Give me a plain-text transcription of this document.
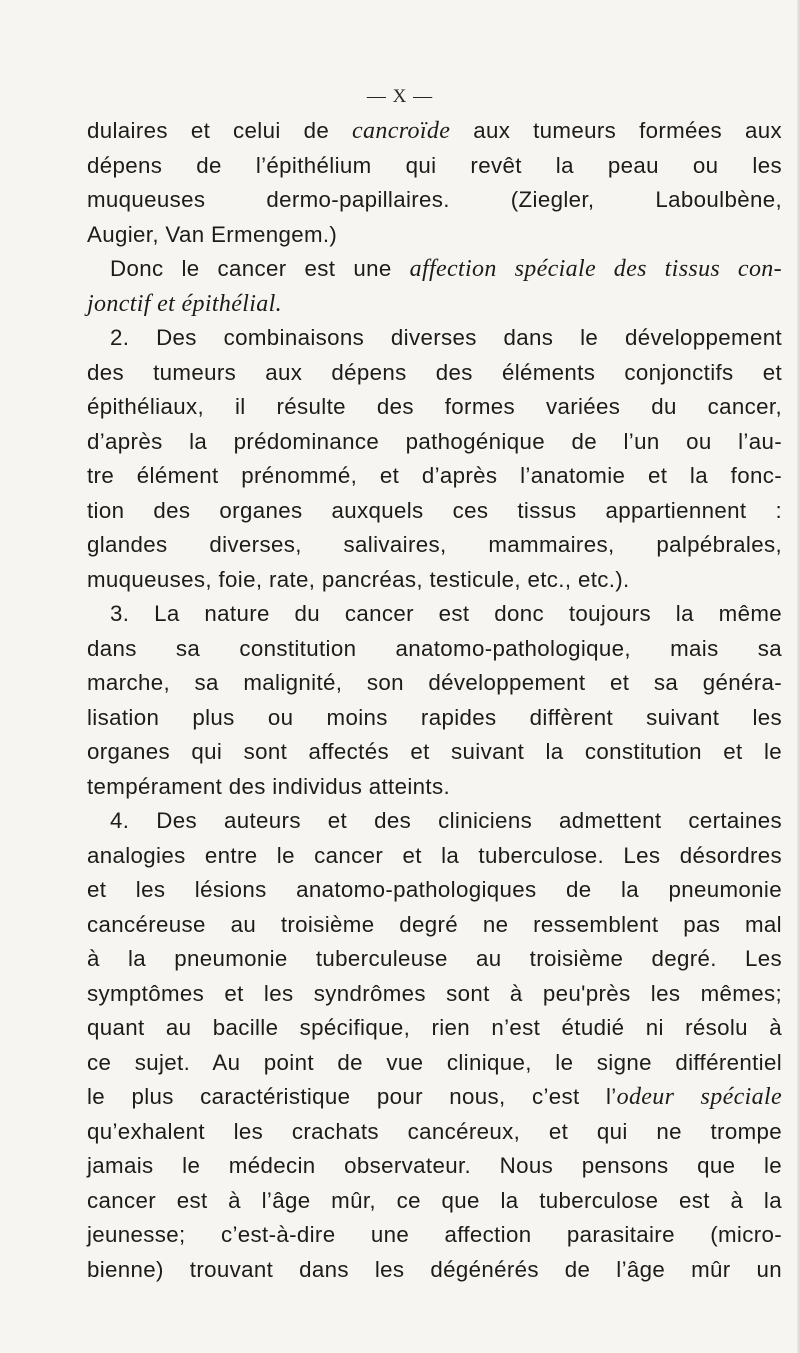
— X —
dulaires et celui de cancroïde aux tumeurs formées aux
dépens de l’épithélium qui revêt la peau ou les
muqueuses dermo-papillaires. (Ziegler, Laboulbène,
Augier, Van Ermengem.)
Donc le cancer est une affection spéciale des tissus con-
jonctif et épithélial.
2. Des combinaisons diverses dans le développement
des tumeurs aux dépens des éléments conjonctifs et
épithéliaux, il résulte des formes variées du cancer,
d’après la prédominance pathogénique de l’un ou l’au-
tre élément prénommé, et d’après l’anatomie et la fonc-
tion des organes auxquels ces tissus appartiennent :
glandes diverses, salivaires, mammaires, palpébrales,
muqueuses, foie, rate, pancréas, testicule, etc., etc.).
3. La nature du cancer est donc toujours la même
dans sa constitution anatomo-pathologique, mais sa
marche, sa malignité, son développement et sa généra-
lisation plus ou moins rapides diffèrent suivant les
organes qui sont affectés et suivant la constitution et le
tempérament des individus atteints.
4. Des auteurs et des cliniciens admettent certaines
analogies entre le cancer et la tuberculose. Les désordres
et les lésions anatomo-pathologiques de la pneumonie
cancéreuse au troisième degré ne ressemblent pas mal
à la pneumonie tuberculeuse au troisième degré. Les
symptômes et les syndrômes sont à peu'près les mêmes;
quant au bacille spécifique, rien n’est étudié ni résolu à
ce sujet. Au point de vue clinique, le signe différentiel
le plus caractéristique pour nous, c’est l’odeur spéciale
qu’exhalent les crachats cancéreux, et qui ne trompe
jamais le médecin observateur. Nous pensons que le
cancer est à l’âge mûr, ce que la tuberculose est à la
jeunesse; c’est-à-dire une affection parasitaire (micro-
bienne) trouvant dans les dégénérés de l’âge mûr un
